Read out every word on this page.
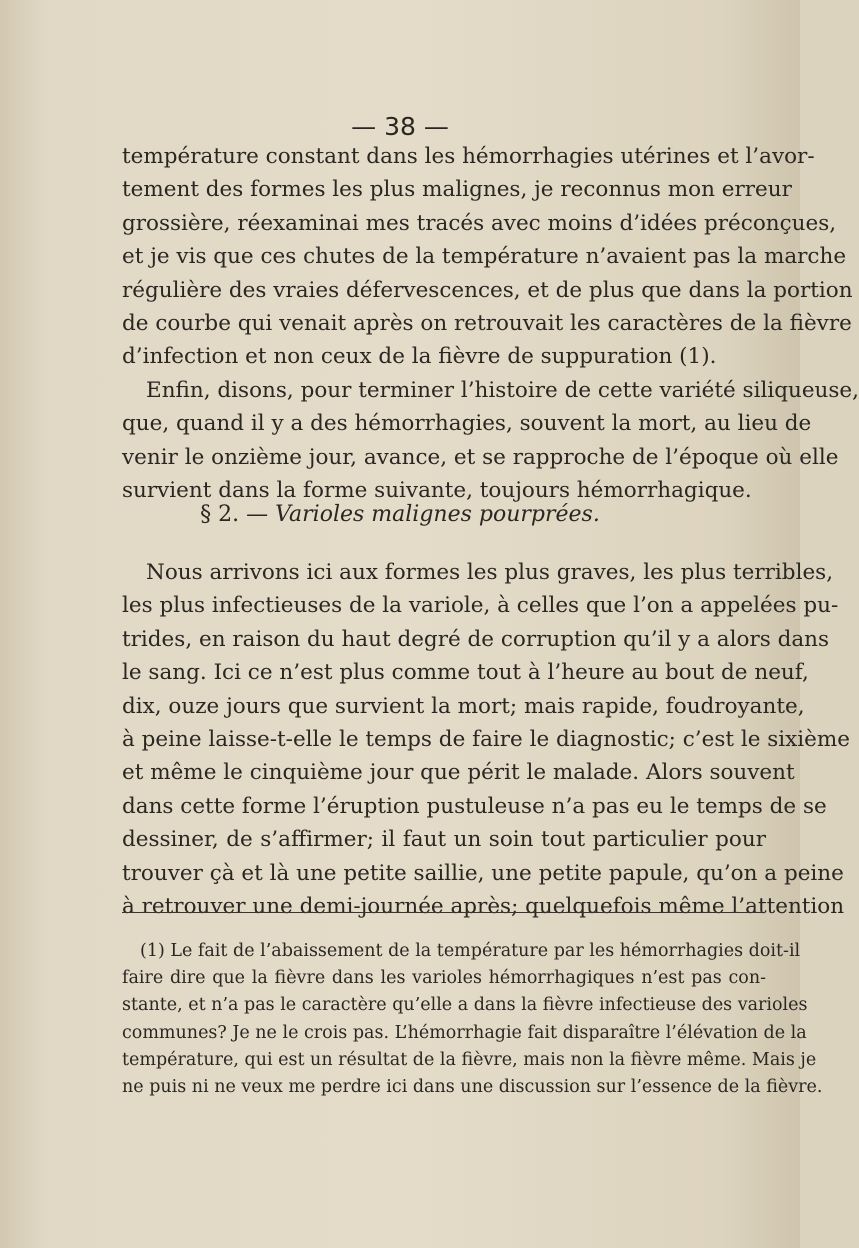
— 38 —
température constant dans les hémorrhagies utérines et l’avor-
tement des formes les plus malignes, je reconnus mon erreur
grossière, réexaminai mes tracés avec moins d’idées préconçues,
et je vis que ces chutes de la température n’avaient pas la marche
régulière des vraies défervescences, et de plus que dans la portion
de courbe qui venait après on retrouvait les caractères de la fièvre
d’infection et non ceux de la fièvre de suppuration (1).
Enfin, disons, pour terminer l’histoire de cette variété siliqueuse,
que, quand il y a des hémorrhagies, souvent la mort, au lieu de
venir le onzième jour, avance, et se rapproche de l’époque où elle
survient dans la forme suivante, toujours hémorrhagique.
§ 2. — Varioles malignes pourprées.
Nous arrivons ici aux formes les plus graves, les plus terribles,
les plus infectieuses de la variole, à celles que l’on a appelées pu-
trides, en raison du haut degré de corruption qu’il y a alors dans
le sang. Ici ce n’est plus comme tout à l’heure au bout de neuf,
dix, ouze jours que survient la mort; mais rapide, foudroyante,
à peine laisse-t-elle le temps de faire le diagnostic; c’est le sixième
et même le cinquième jour que périt le malade. Alors souvent
dans cette forme l’éruption pustuleuse n’a pas eu le temps de se
dessiner, de s’affirmer; il faut un soin tout particulier pour
trouver çà et là une petite saillie, une petite papule, qu’on a peine
à retrouver une demi-journée après; quelquefois même l’attention
(1) Le fait de l’abaissement de la température par les hémorrhagies doit-il
faire dire que la fièvre dans les varioles hémorrhagiques n’est pas con-
stante, et n’a pas le caractère qu’elle a dans la fièvre infectieuse des varioles
communes? Je ne le crois pas. L’hémorrhagie fait disparaître l’élévation de la
température, qui est un résultat de la fièvre, mais non la fièvre même. Mais je
ne puis ni ne veux me perdre ici dans une discussion sur l’essence de la fièvre.
